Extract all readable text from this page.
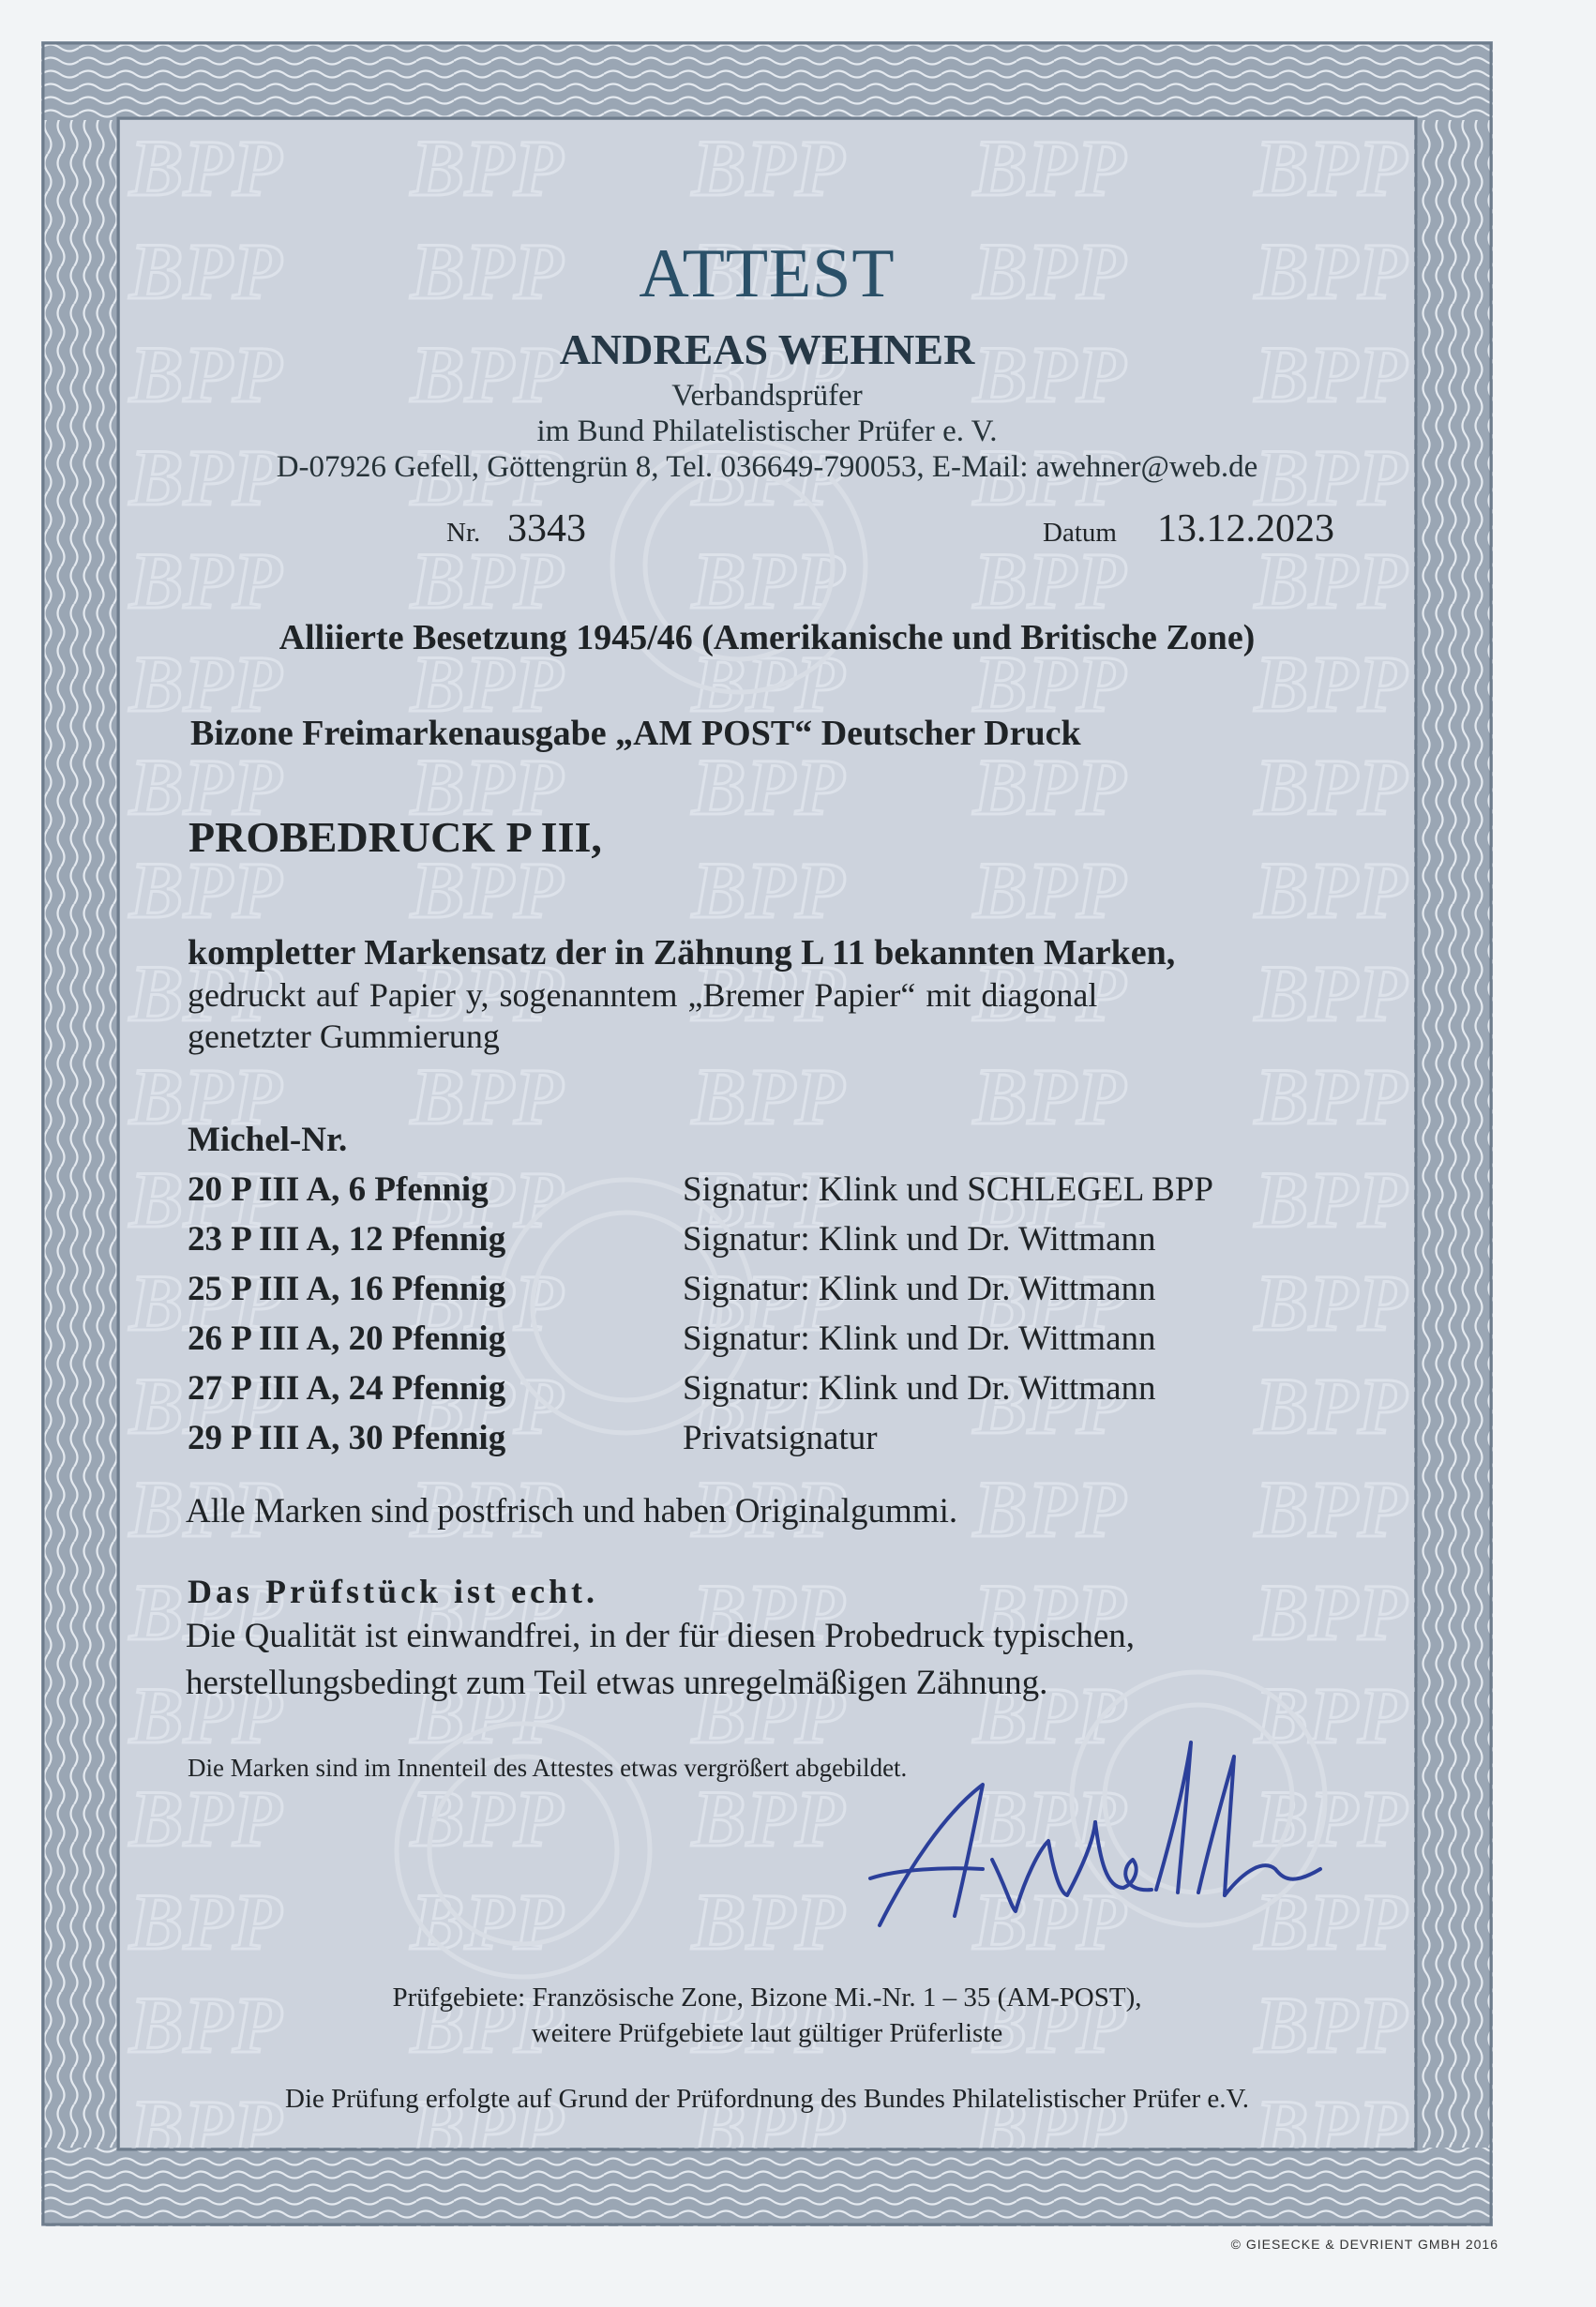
ATTEST
ANDREAS WEHNER
Verbandsprüfer
im Bund Philatelistischer Prüfer e. V.
D-07926 Gefell, Göttengrün 8, Tel. 036649-790053, E-Mail: awehner@web.de
Nr. 3343	Datum 13.12.2023
Alliierte Besetzung 1945/46 (Amerikanische und Britische Zone)
Bizone Freimarkenausgabe „AM POST“ Deutscher Druck
PROBEDRUCK P III,
kompletter Markensatz der in Zähnung L 11 bekannten Marken,
gedruckt auf Papier y, sogenanntem „Bremer Papier“ mit diagonal
genetzter Gummierung
Michel-Nr.
20 P III A, 6 Pfennig	Signatur: Klink und SCHLEGEL BPP
23 P III A, 12 Pfennig	Signatur: Klink und Dr. Wittmann
25 P III A, 16 Pfennig	Signatur: Klink und Dr. Wittmann
26 P III A, 20 Pfennig	Signatur: Klink und Dr. Wittmann
27 P III A, 24 Pfennig	Signatur: Klink und Dr. Wittmann
29 P III A, 30 Pfennig	Privatsignatur
Alle Marken sind postfrisch und haben Originalgummi.
Das Prüfstück ist echt.
Die Qualität ist einwandfrei, in der für diesen Probedruck typischen,
herstellungsbedingt zum Teil etwas unregelmäßigen Zähnung.
Die Marken sind im Innenteil des Attestes etwas vergrößert abgebildet.
Prüfgebiete: Französische Zone, Bizone Mi.-Nr. 1 – 35 (AM-POST),
weitere Prüfgebiete laut gültiger Prüferliste
Die Prüfung erfolgte auf Grund der Prüfordnung des Bundes Philatelistischer Prüfer e.V.
© GIESECKE & DEVRIENT GMBH 2016
